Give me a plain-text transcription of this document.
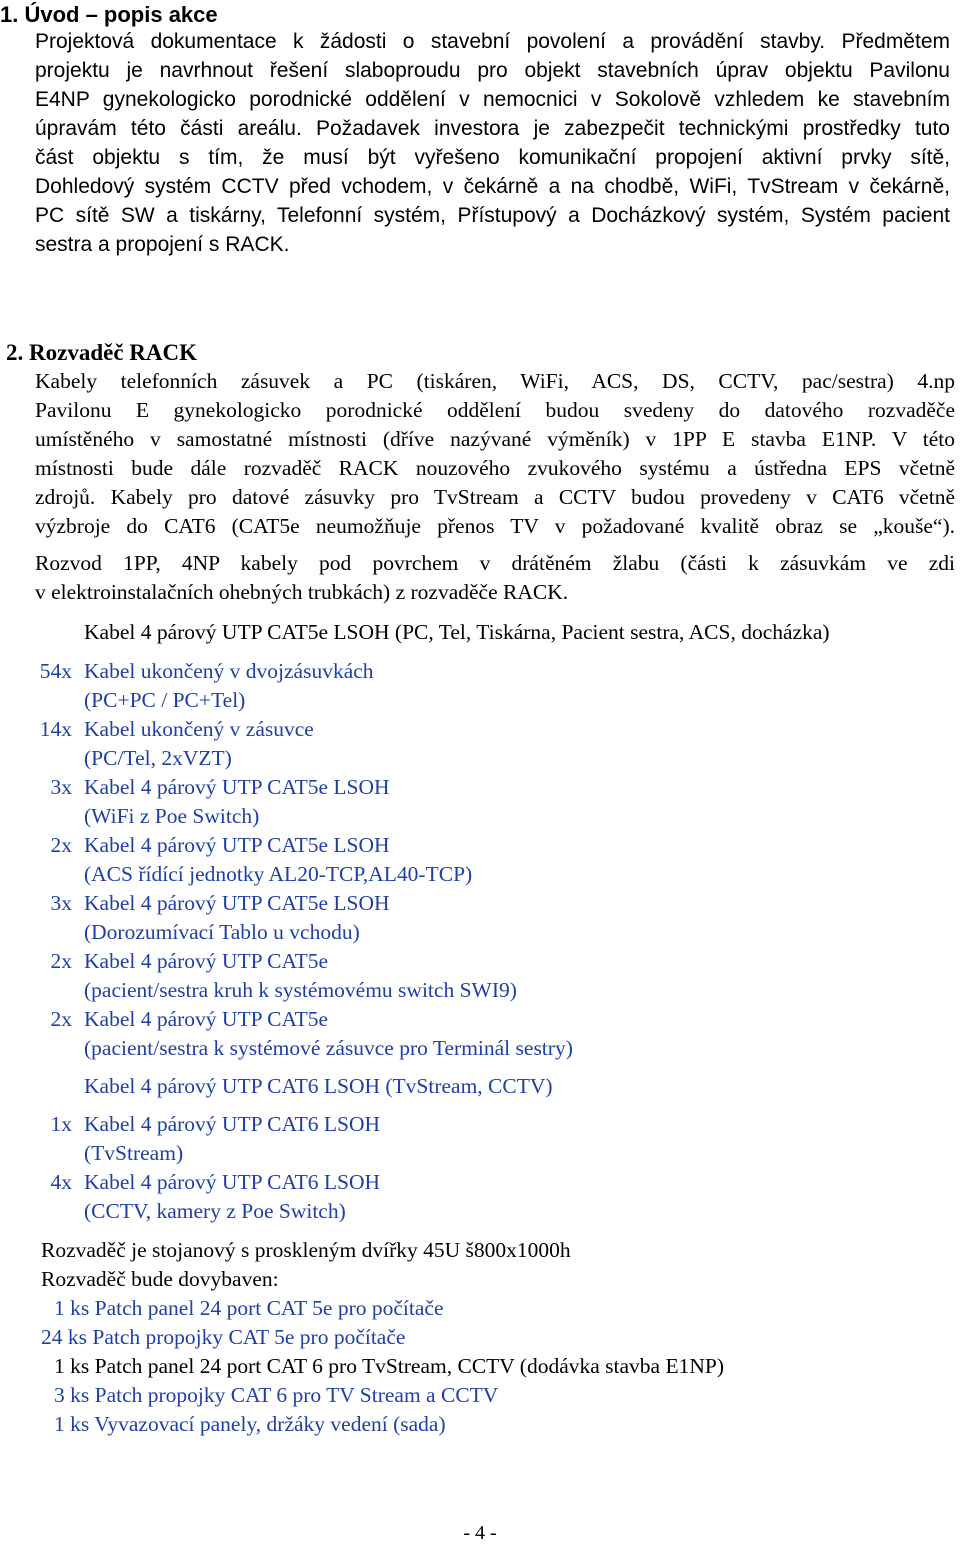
1. Úvod – popis akce
Projektová dokumentace k žádosti o stavební povolení a provádění stavby. Předmětem
projektu je navrhnout řešení slaboproudu pro objekt stavebních úprav objektu Pavilonu
E4NP gynekologicko porodnické oddělení v nemocnici v Sokolově vzhledem ke stavebním
úpravám této části areálu. Požadavek investora je zabezpečit technickými prostředky tuto
část objektu s tím, že musí být vyřešeno komunikační propojení aktivní prvky sítě,
Dohledový systém CCTV před vchodem, v čekárně a na chodbě, WiFi, TvStream v čekárně,
PC sítě SW a tiskárny, Telefonní systém, Přístupový a Docházkový systém, Systém pacient
sestra a propojení s RACK.
2. Rozvaděč RACK
Kabely telefonních zásuvek a PC (tiskáren, WiFi, ACS, DS, CCTV, pac/sestra) 4.np
Pavilonu E gynekologicko porodnické oddělení budou svedeny do datového rozvaděče
umístěného v samostatné místnosti (dříve nazývané výměník) v 1PP E stavba E1NP. V této
místnosti bude dále rozvaděč RACK nouzového zvukového systému a ústředna EPS včetně
zdrojů. Kabely pro datové zásuvky pro TvStream a CCTV budou provedeny v CAT6 včetně
výzbroje do CAT6 (CAT5e neumožňuje přenos TV v požadované kvalitě obraz se „kouše“).
Rozvod 1PP, 4NP kabely pod povrchem v drátěném žlabu (části k zásuvkám ve zdi
v elektroinstalačních ohebných trubkách) z rozvaděče RACK.
Kabel 4 párový UTP CAT5e LSOH (PC, Tel, Tiskárna, Pacient sestra, ACS, docházka)
54x Kabel ukončený v dvojzásuvkách
(PC+PC / PC+Tel)
14x Kabel ukončený v zásuvce
(PC/Tel, 2xVZT)
3x Kabel 4 párový UTP CAT5e LSOH
(WiFi z Poe Switch)
2x Kabel 4 párový UTP CAT5e LSOH
(ACS řídící jednotky AL20-TCP,AL40-TCP)
3x Kabel 4 párový UTP CAT5e LSOH
(Dorozumívací Tablo u vchodu)
2x Kabel 4 párový UTP CAT5e
(pacient/sestra kruh k systémovému switch SWI9)
2x Kabel 4 párový UTP CAT5e
(pacient/sestra k systémové zásuvce pro Terminál sestry)
Kabel 4 párový UTP CAT6 LSOH (TvStream, CCTV)
1x Kabel 4 párový UTP CAT6 LSOH
(TvStream)
4x Kabel 4 párový UTP CAT6 LSOH
(CCTV, kamery z Poe Switch)
Rozvaděč je stojanový s proskleným dvířky 45U š800x1000h
Rozvaděč bude dovybaven:
1 ks Patch panel 24 port CAT 5e pro počítače
24 ks Patch propojky CAT 5e pro počítače
1 ks Patch panel 24 port CAT 6 pro TvStream, CCTV (dodávka stavba E1NP)
3 ks Patch propojky CAT 6 pro TV Stream a CCTV
1 ks Vyvazovací panely, držáky vedení (sada)
- 4 -
